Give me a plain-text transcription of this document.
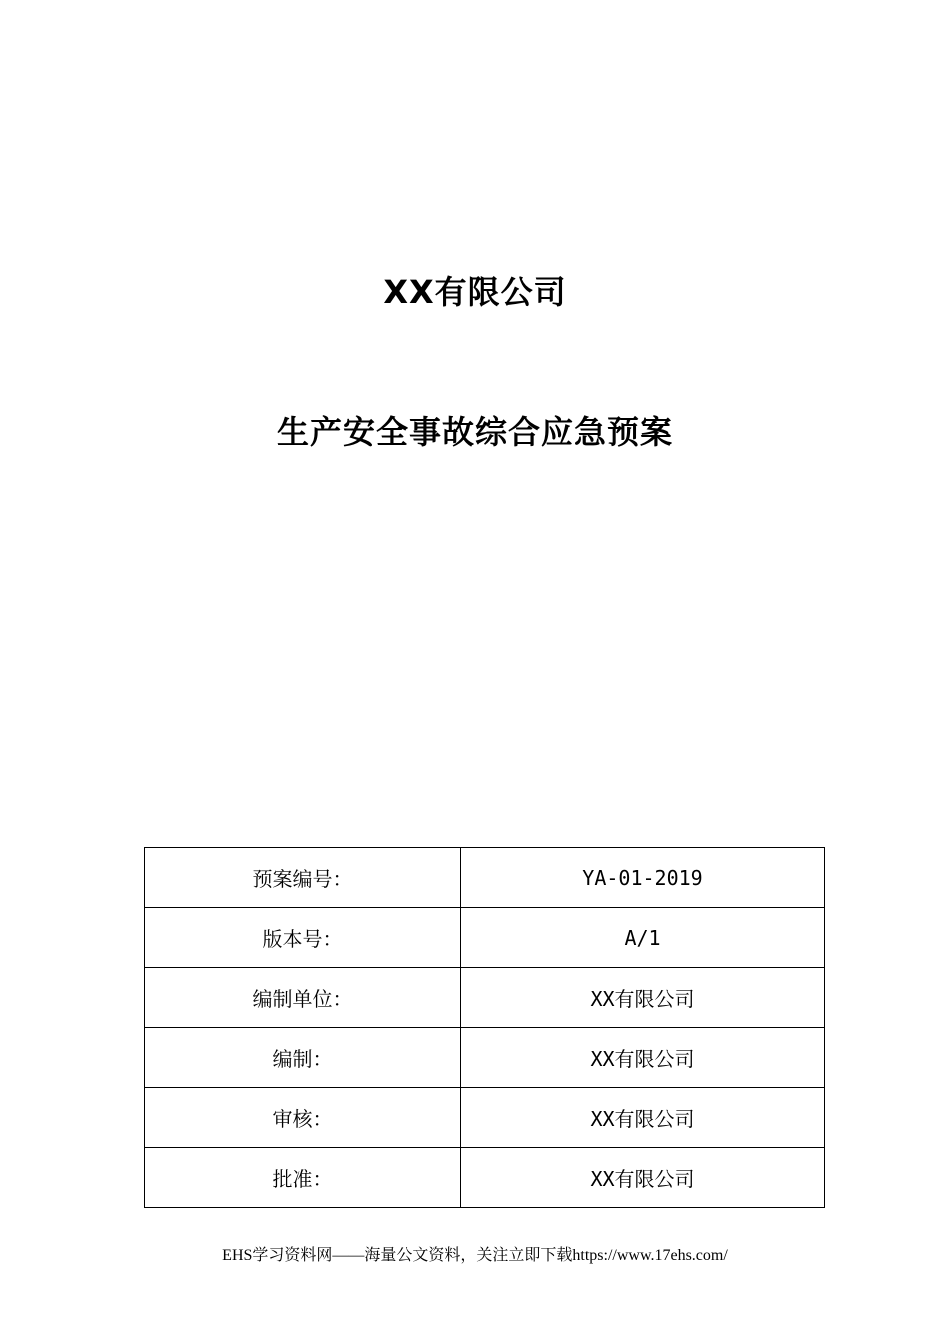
XX有限公司
生产安全事故综合应急预案
预案编号：	YA-01-2019
版本号：	A/1
编制单位：	XX有限公司
编制：	XX有限公司
审核：	XX有限公司
批准：	XX有限公司
EHS学习资料网——海量公文资料，关注立即下载https://www.17ehs.com/
